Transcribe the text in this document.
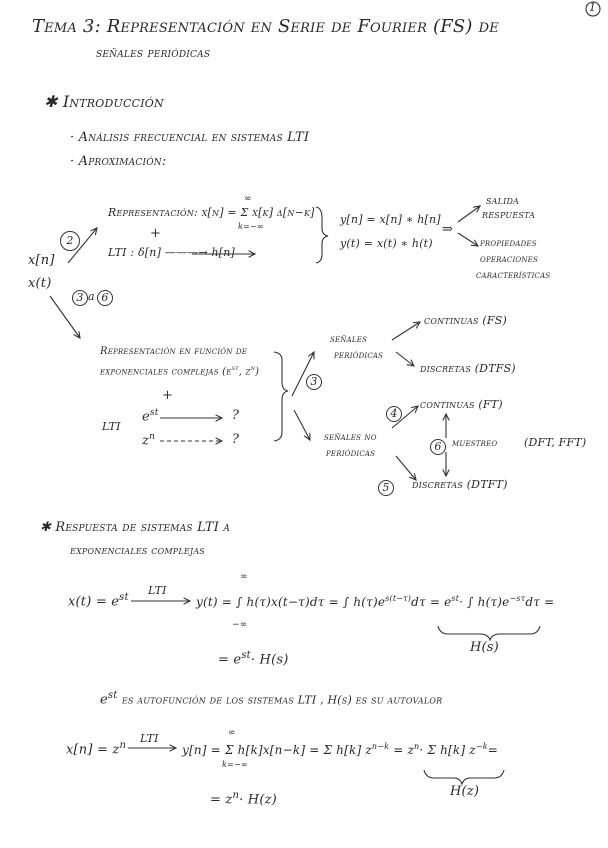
1
Tema 3: Representación en Serie de Fourier (FS) de
señales periódicas
✱ Introducción
· Análisis frecuencial en sistemas LTI
· Aproximación:
x[n]
x(t)
2
3 a 6
Representación: x[n] = Σ x[k] δ[n−k]
∞
k=−∞
+
LTI : δ[n] ———→ h[n]
y[n] = x[n] ∗ h[n]
y(t) = x(t) ∗ h(t)
⇒
salida
respuesta
propiedades
operaciones
características
Representación en función de
exponenciales complejas ($e^{st}$, $z^n$)
+
LTI
$e^{st}$
$z^n$
?
?
3
4
5
6
señales
periódicas
continuas (FS)
discretas (DTFS)
señales no
periódicas
continuas (FT)
muestreo (DFT, FFT)
discretas (DTFT)
✱ Respuesta de sistemas LTI a
exponenciales complejas
$x(t) = e^{st}$
LTI
y(t) = ∫ h(τ)x(t−τ)dτ = ∫ $h(\tau)e^{s(t-\tau)}d\tau = e^{st}\cdot$ ∫ $h(\tau)e^{-s\tau}d\tau$ =
∞
−∞
H(s)
= $e^{st}\cdot H(s)$
$e^{st}$ es autofunción de los sistemas LTI , H(s) es su autovalor
$x[n] = z^n$
LTI
y[n] = Σ h[k]x[n−k] = Σ h[k] $z^{n-k} = z^n\cdot \Sigma$ h[k] $z^{-k}=$
∞
k=−∞
H(z)
= $z^n\cdot H(z)$
